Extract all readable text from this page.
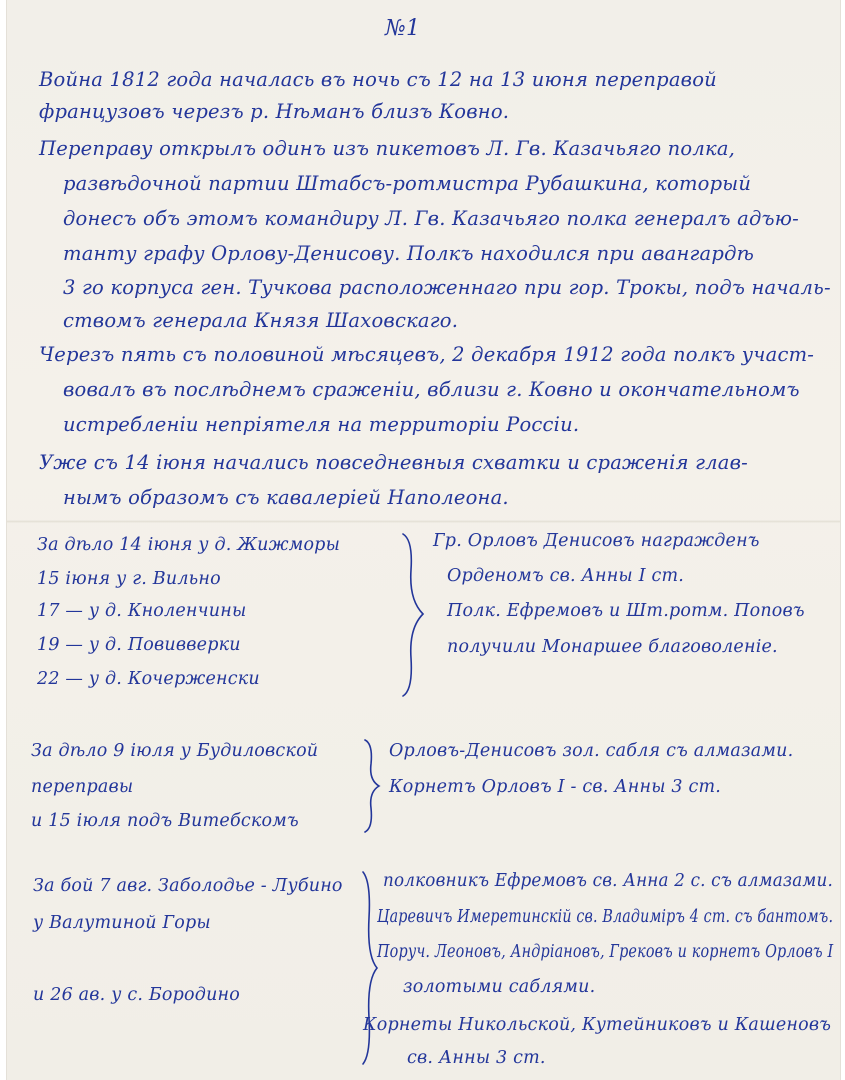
№1
Война 1812 года началась въ ночь съ 12 на 13 июня переправой
французовъ черезъ р. Нѣманъ близъ Ковно.
Переправу открылъ одинъ изъ пикетовъ Л. Гв. Казачьяго полка,
развѣдочной партии Штабсъ-ротмистра Рубашкина, который
донесъ объ этомъ командиру Л. Гв. Казачьяго полка генералъ адъю-
танту графу Орлову-Денисову. Полкъ находился при авангардѣ
3 го корпуса ген. Тучкова расположеннаго при гор. Трокы, подъ началь-
ствомъ генерала Князя Шаховскаго.
Черезъ пять съ половиной мѣсяцевъ, 2 декабря 1912 года полкъ участ-
вовалъ въ послѣднемъ сраженіи, вблизи г. Ковно и окончательномъ
истребленіи непріятеля на территоріи Россіи.
Уже съ 14 іюня начались повседневныя схватки и сраженія глав-
нымъ образомъ съ кавалеріей Наполеона.
За дѣло 14 іюня у д. Жижморы
15 іюня у г. Вильно
17 — у д. Кноленчины
19 — у д. Повивверки
22 — у д. Кочерженски
Гр. Орловъ Денисовъ награжденъ
Орденомъ св. Анны I ст.
Полк. Ефремовъ и Шт.ротм. Поповъ
получили Монаршее благоволеніе.
За дѣло 9 іюля у Будиловской
переправы
и 15 іюля подъ Витебскомъ
Орловъ-Денисовъ зол. сабля съ алмазами.
Корнетъ Орловъ I - св. Анны 3 ст.
За бой 7 авг. Заболодье - Лубино
у Валутиной Горы
и 26 ав. у с. Бородино
полковникъ Ефремовъ св. Анна 2 с. съ алмазами.
Царевичъ Имеретинскій св. Владиміръ 4 ст. съ бантомъ.
Поруч. Леоновъ, Андріановъ, Грековъ и корнетъ Орловъ I
золотыми саблями.
Корнеты Никольской, Кутейниковъ и Кашеновъ
св. Анны 3 ст.
